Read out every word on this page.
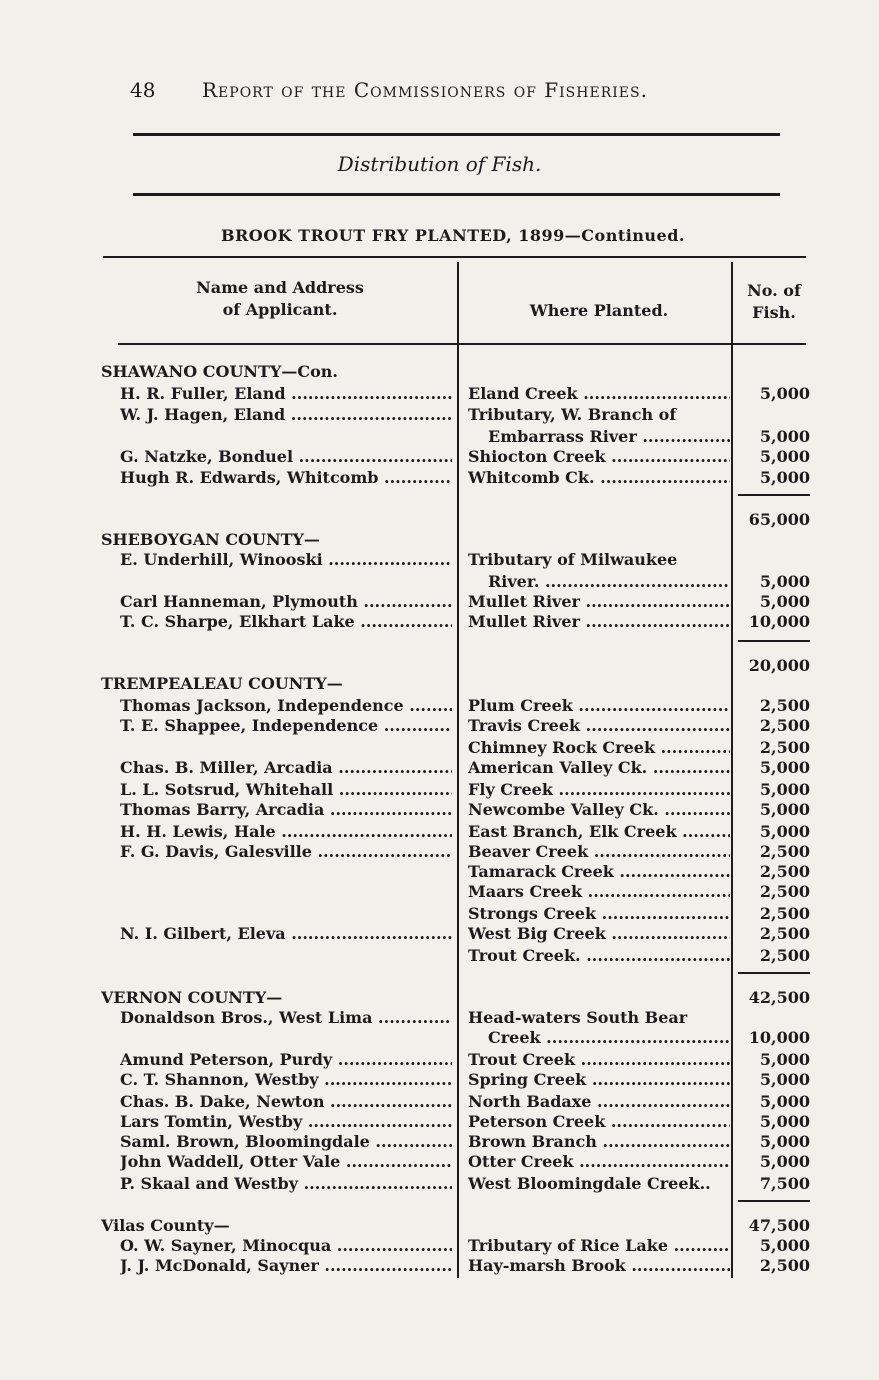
48 Report of the Commissioners of Fisheries.
Distribution of Fish.
BROOK TROUT FRY PLANTED, 1899—Continued.
Name and Address
of Applicant.	Where Planted.
No. of
Fish.
SHAWANO COUNTY—Con.
H. R. Fuller, Eland .....	Eland Creek .....	5,000
W. J. Hagen, Eland .....	Tributary, W. Branch of
Embarrass River .....	5,000
G. Natzke, Bonduel .....	Shiocton Creek .....	5,000
Hugh R. Edwards, Whitcomb .....	Whitcomb Ck. .....	5,000
65,000
SHEBOYGAN COUNTY—
E. Underhill, Winooski .....	Tributary of Milwaukee
River. .....	5,000
Carl Hanneman, Plymouth .....	Mullet River .....	5,000
T. C. Sharpe, Elkhart Lake .....	Mullet River .....	10,000
20,000
TREMPEALEAU COUNTY—
Thomas Jackson, Independence .....	Plum Creek .....	2,500
T. E. Shappee, Independence .....	Travis Creek .....	2,500
Chimney Rock Creek .....	2,500
Chas. B. Miller, Arcadia .....	American Valley Ck. .....	5,000
L. L. Sotsrud, Whitehall .....	Fly Creek .....	5,000
Thomas Barry, Arcadia .....	Newcombe Valley Ck. .....	5,000
H. H. Lewis, Hale .....	East Branch, Elk Creek .....	5,000
F. G. Davis, Galesville .....	Beaver Creek .....	2,500
Tamarack Creek .....	2,500
Maars Creek .....	2,500
Strongs Creek .....	2,500
N. I. Gilbert, Eleva .....	West Big Creek .....	2,500
Trout Creek. .....	2,500
VERNON COUNTY—	42,500
Donaldson Bros., West Lima .....	Head-waters South Bear
Creek .....	10,000
Amund Peterson, Purdy .....	Trout Creek .....	5,000
C. T. Shannon, Westby .....	Spring Creek .....	5,000
Chas. B. Dake, Newton .....	North Badaxe .....	5,000
Lars Tomtin, Westby .....	Peterson Creek .....	5,000
Saml. Brown, Bloomingdale .....	Brown Branch .....	5,000
John Waddell, Otter Vale .....	Otter Creek .....	5,000
P. Skaal and Westby .....	West Bloomingdale Creek..	7,500
Vilas County—	47,500
O. W. Sayner, Minocqua .....	Tributary of Rice Lake .....	5,000
J. J. McDonald, Sayner .....	Hay-marsh Brook .....	2,500
